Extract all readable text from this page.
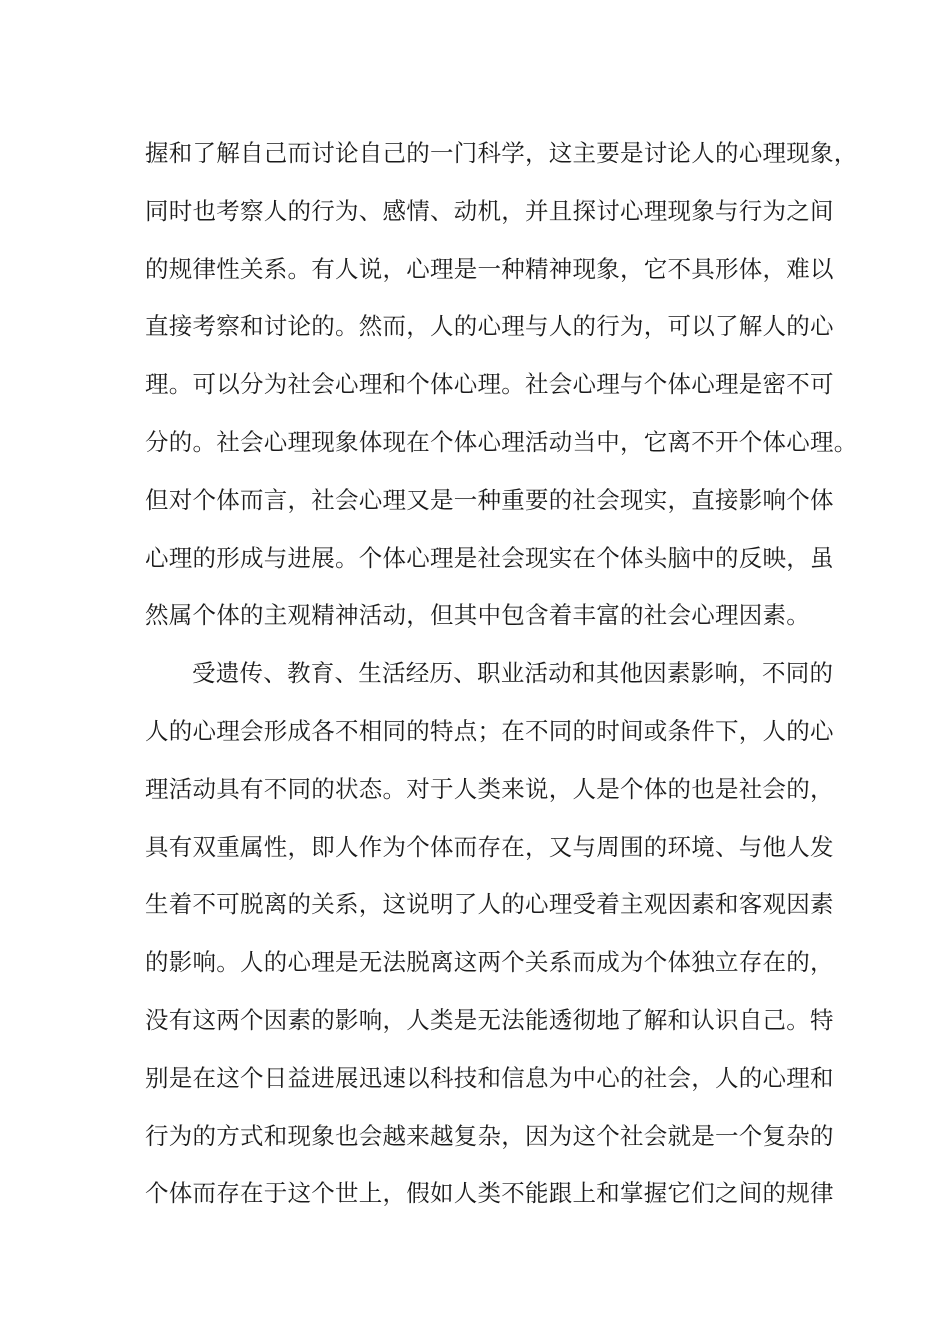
握和了解自己而讨论自己的一门科学，这主要是讨论人的心理现象，
同时也考察人的行为、感情、动机，并且探讨心理现象与行为之间
的规律性关系。有人说，心理是一种精神现象，它不具形体，难以
直接考察和讨论的。然而，人的心理与人的行为，可以了解人的心
理。可以分为社会心理和个体心理。社会心理与个体心理是密不可
分的。社会心理现象体现在个体心理活动当中，它离不开个体心理。
但对个体而言，社会心理又是一种重要的社会现实，直接影响个体
心理的形成与进展。个体心理是社会现实在个体头脑中的反映，虽
然属个体的主观精神活动，但其中包含着丰富的社会心理因素。
受遗传、教育、生活经历、职业活动和其他因素影响，不同的
人的心理会形成各不相同的特点；在不同的时间或条件下，人的心
理活动具有不同的状态。对于人类来说，人是个体的也是社会的，
具有双重属性，即人作为个体而存在，又与周围的环境、与他人发
生着不可脱离的关系，这说明了人的心理受着主观因素和客观因素
的影响。人的心理是无法脱离这两个关系而成为个体独立存在的，
没有这两个因素的影响，人类是无法能透彻地了解和认识自己。特
别是在这个日益进展迅速以科技和信息为中心的社会，人的心理和
行为的方式和现象也会越来越复杂，因为这个社会就是一个复杂的
个体而存在于这个世上，假如人类不能跟上和掌握它们之间的规律
